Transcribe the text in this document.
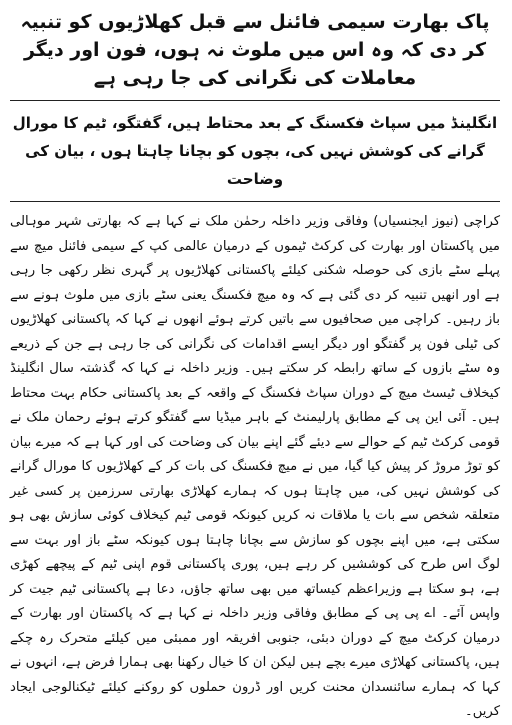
پاک بھارت سیمی فائنل سے قبل کھلاڑیوں کو تنبیہ کر دی کہ وہ اس میں ملوث نہ ہوں، فون اور دیگر معاملات کی نگرانی کی جا رہی ہے
انگلینڈ میں سپاٹ فکسنگ کے بعد محتاط ہیں، گفتگو، ٹیم کا مورال گرانے کی کوشش نہیں کی، بچوں کو بچانا چاہتا ہوں ، بیان کی وضاحت

کراچی (نیوز ایجنسیاں) وفاقی وزیر داخلہ رحمٰن ملک نے کہا ہے کہ بھارتی شہر موہالی میں پاکستان اور بھارت کی کرکٹ ٹیموں کے درمیان عالمی کپ کے سیمی فائنل میچ سے پہلے سٹے بازی کی حوصلہ شکنی کیلئے پاکستانی کھلاڑیوں پر گہری نظر رکھی جا رہی ہے اور انھیں تنبیہ کر دی گئی ہے کہ وہ میچ فکسنگ یعنی سٹے بازی میں ملوث ہونے سے باز رہیں۔ کراچی میں صحافیوں سے باتیں کرتے ہوئے انھوں نے کہا کہ پاکستانی کھلاڑیوں کی ٹیلی فون پر گفتگو اور دیگر ایسے اقدامات کی نگرانی کی جا رہی ہے جن کے ذریعے وہ سٹے بازوں کے ساتھ رابطہ کر سکتے ہیں۔ وزیر داخلہ نے کہا کہ گذشتہ سال انگلینڈ کیخلاف ٹیسٹ میچ کے دوران سپاٹ فکسنگ کے واقعہ کے بعد پاکستانی حکام بہت محتاط ہیں۔ آئی این پی کے مطابق پارلیمنٹ کے باہر میڈیا سے گفتگو کرتے ہوئے رحمان ملک نے قومی کرکٹ ٹیم کے حوالے سے دیئے گئے اپنے بیان کی وضاحت کی اور کہا ہے کہ میرے بیان کو توڑ مروڑ کر پیش کیا گیا، میں نے میچ فکسنگ کی بات کر کے کھلاڑیوں کا مورال گرانے کی کوشش نہیں کی، میں چاہتا ہوں کہ ہمارے کھلاڑی بھارتی سرزمین پر کسی غیر متعلقہ شخص سے بات یا ملاقات نہ کریں کیونکہ قومی ٹیم کیخلاف کوئی سازش بھی ہو سکتی ہے، میں اپنے بچوں کو سازش سے بچانا چاہتا ہوں کیونکہ سٹے باز اور بہت سے لوگ اس طرح کی کوششیں کر رہے ہیں، پوری پاکستانی قوم اپنی ٹیم کے پیچھے کھڑی ہے، ہو سکتا ہے وزیراعظم کیساتھ میں بھی ساتھ جاؤں، دعا ہے پاکستانی ٹیم جیت کر واپس آئے۔ اے پی پی کے مطابق وفاقی وزیر داخلہ نے کہا ہے کہ پاکستان اور بھارت کے درمیان کرکٹ میچ کے دوران دبئی، جنوبی افریقہ اور ممبئی میں کیلئے متحرک رہ چکے ہیں، پاکستانی کھلاڑی میرے بچے ہیں لیکن ان کا خیال رکھنا بھی ہمارا فرض ہے، انہوں نے کہا کہ ہمارے سائنسدان محنت کریں اور ڈرون حملوں کو روکنے کیلئے ٹیکنالوجی ایجاد کریں۔
